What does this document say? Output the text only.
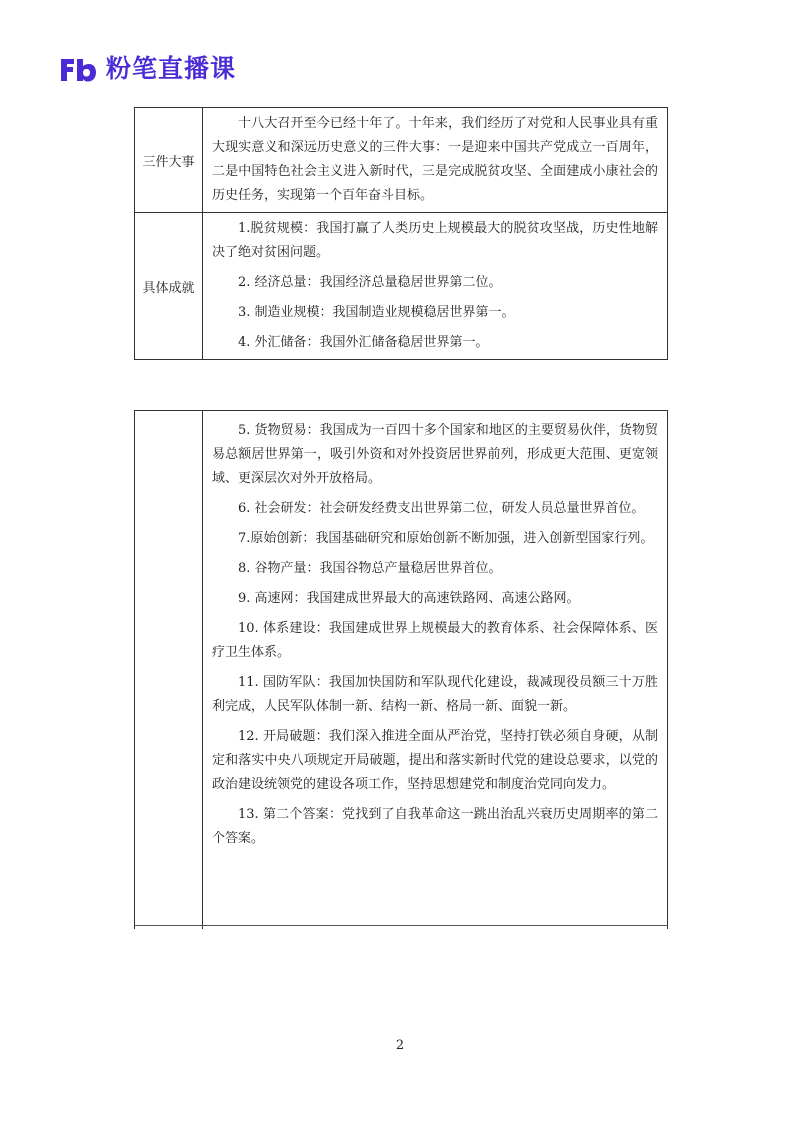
粉笔直播课
三件大事	十八大召开至今已经十年了。十年来，我们经历了对党和人民事业具有重大现实意义和深远历史意义的三件大事：一是迎来中国共产党成立一百周年，二是中国特色社会主义进入新时代，三是完成脱贫攻坚、全面建成小康社会的历史任务，实现第一个百年奋斗目标。

具体成就	1.脱贫规模：我国打赢了人类历史上规模最大的脱贫攻坚战，历史性地解决了绝对贫困问题。

2. 经济总量：我国经济总量稳居世界第二位。

3. 制造业规模：我国制造业规模稳居世界第一。

4. 外汇储备：我国外汇储备稳居世界第一。

5. 货物贸易：我国成为一百四十多个国家和地区的主要贸易伙伴，货物贸易总额居世界第一，吸引外资和对外投资居世界前列，形成更大范围、更宽领域、更深层次对外开放格局。

6. 社会研发：社会研发经费支出世界第二位，研发人员总量世界首位。

7.原始创新：我国基础研究和原始创新不断加强，进入创新型国家行列。

8. 谷物产量：我国谷物总产量稳居世界首位。

9. 高速网：我国建成世界最大的高速铁路网、高速公路网。

10. 体系建设：我国建成世界上规模最大的教育体系、社会保障体系、医疗卫生体系。

11. 国防军队：我国加快国防和军队现代化建设，裁减现役员额三十万胜利完成，人民军队体制一新、结构一新、格局一新、面貌一新。

12. 开局破题：我们深入推进全面从严治党，坚持打铁必须自身硬，从制定和落实中央八项规定开局破题，提出和落实新时代党的建设总要求，以党的政治建设统领党的建设各项工作，坚持思想建党和制度治党同向发力。

13. 第二个答案：党找到了自我革命这一跳出治乱兴衰历史周期率的第二个答案。

2
